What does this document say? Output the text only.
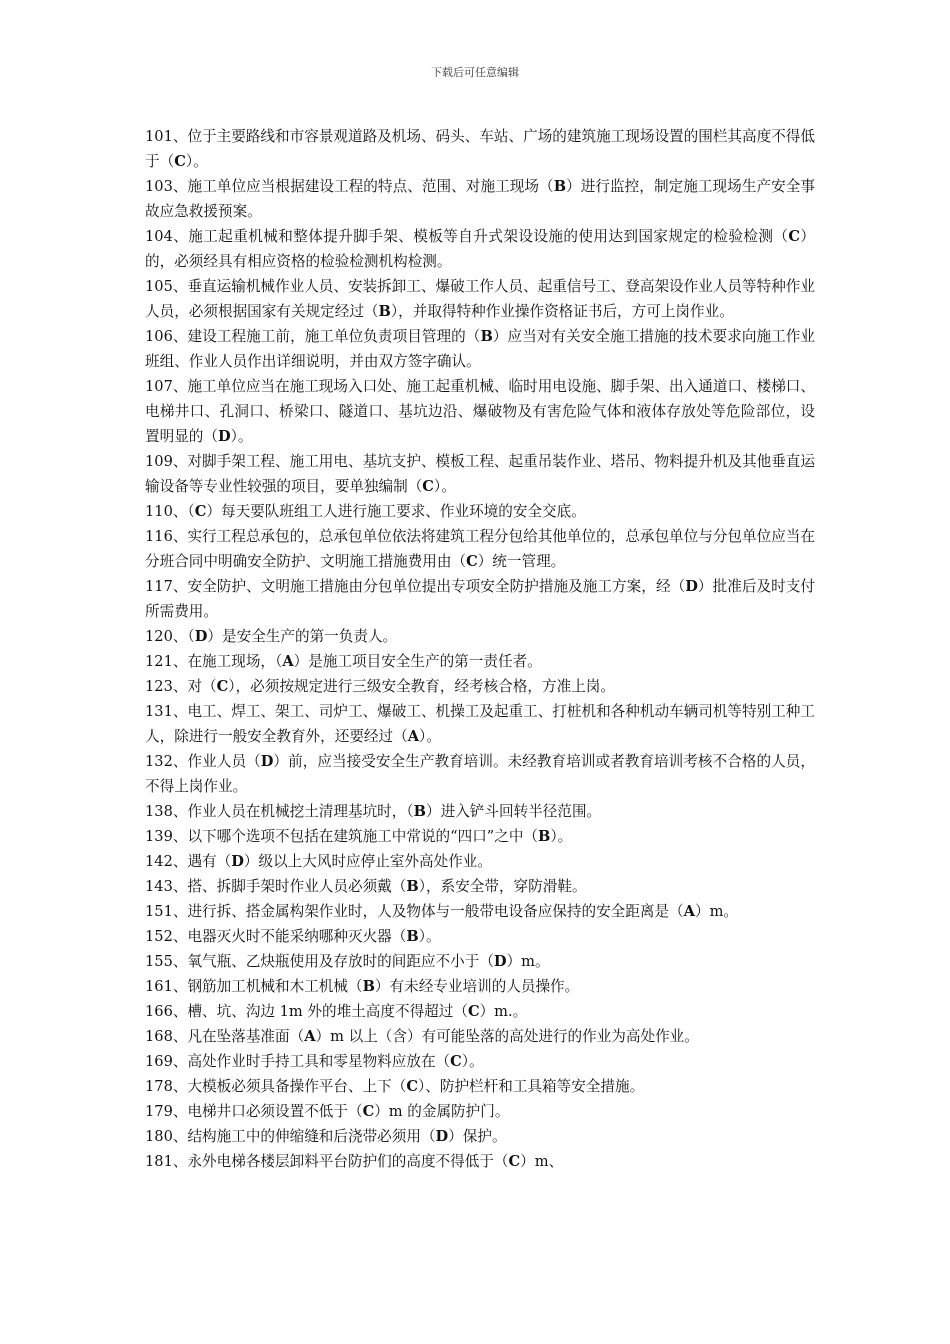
下载后可任意编辑

101、位于主要路线和市容景观道路及机场、码头、车站、广场的建筑施工现场设置的围栏其高度不得低于（C）。

103、施工单位应当根据建设工程的特点、范围、对施工现场（B）进行监控，制定施工现场生产安全事故应急救援预案。

104、施工起重机械和整体提升脚手架、模板等自升式架设设施的使用达到国家规定的检验检测（C）的，必须经具有相应资格的检验检测机构检测。

105、垂直运输机械作业人员、安装拆卸工、爆破工作人员、起重信号工、登高架设作业人员等特种作业人员，必须根据国家有关规定经过（B），并取得特种作业操作资格证书后，方可上岗作业。

106、建设工程施工前，施工单位负责项目管理的（B）应当对有关安全施工措施的技术要求向施工作业班组、作业人员作出详细说明，并由双方签字确认。

107、施工单位应当在施工现场入口处、施工起重机械、临时用电设施、脚手架、出入通道口、楼梯口、电梯井口、孔洞口、桥梁口、隧道口、基坑边沿、爆破物及有害危险气体和液体存放处等危险部位，设置明显的（D）。

109、对脚手架工程、施工用电、基坑支护、模板工程、起重吊装作业、塔吊、物料提升机及其他垂直运输设备等专业性较强的项目，要单独编制（C）。

110、（C）每天要队班组工人进行施工要求、作业环境的安全交底。

116、实行工程总承包的，总承包单位依法将建筑工程分包给其他单位的，总承包单位与分包单位应当在分班合同中明确安全防护、文明施工措施费用由（C）统一管理。

117、安全防护、文明施工措施由分包单位提出专项安全防护措施及施工方案，经（D）批准后及时支付所需费用。

120、（D）是安全生产的第一负责人。

121、在施工现场，（A）是施工项目安全生产的第一责任者。

123、对（C），必须按规定进行三级安全教育，经考核合格，方准上岗。

131、电工、焊工、架工、司炉工、爆破工、机操工及起重工、打桩机和各种机动车辆司机等特别工种工人，除进行一般安全教育外，还要经过（A）。

132、作业人员（D）前，应当接受安全生产教育培训。未经教育培训或者教育培训考核不合格的人员，不得上岗作业。

138、作业人员在机械挖土清理基坑时，（B）进入铲斗回转半径范围。

139、以下哪个选项不包括在建筑施工中常说的“四口”之中（B）。

142、遇有（D）级以上大风时应停止室外高处作业。

143、搭、拆脚手架时作业人员必须戴（B），系安全带，穿防滑鞋。

151、进行拆、搭金属构架作业时，人及物体与一般带电设备应保持的安全距离是（A）m。

152、电器灭火时不能采纳哪种灭火器（B）。

155、氧气瓶、乙炔瓶使用及存放时的间距应不小于（D）m。

161、钢筋加工机械和木工机械（B）有未经专业培训的人员操作。

166、槽、坑、沟边 1m 外的堆土高度不得超过（C）m.。

168、凡在坠落基准面（A）m 以上（含）有可能坠落的高处进行的作业为高处作业。

169、高处作业时手持工具和零星物料应放在（C）。

178、大模板必须具备操作平台、上下（C）、防护栏杆和工具箱等安全措施。

179、电梯井口必须设置不低于（C）m 的金属防护门。

180、结构施工中的伸缩缝和后浇带必须用（D）保护。

181、永外电梯各楼层卸料平台防护们的高度不得低于（C）m、
